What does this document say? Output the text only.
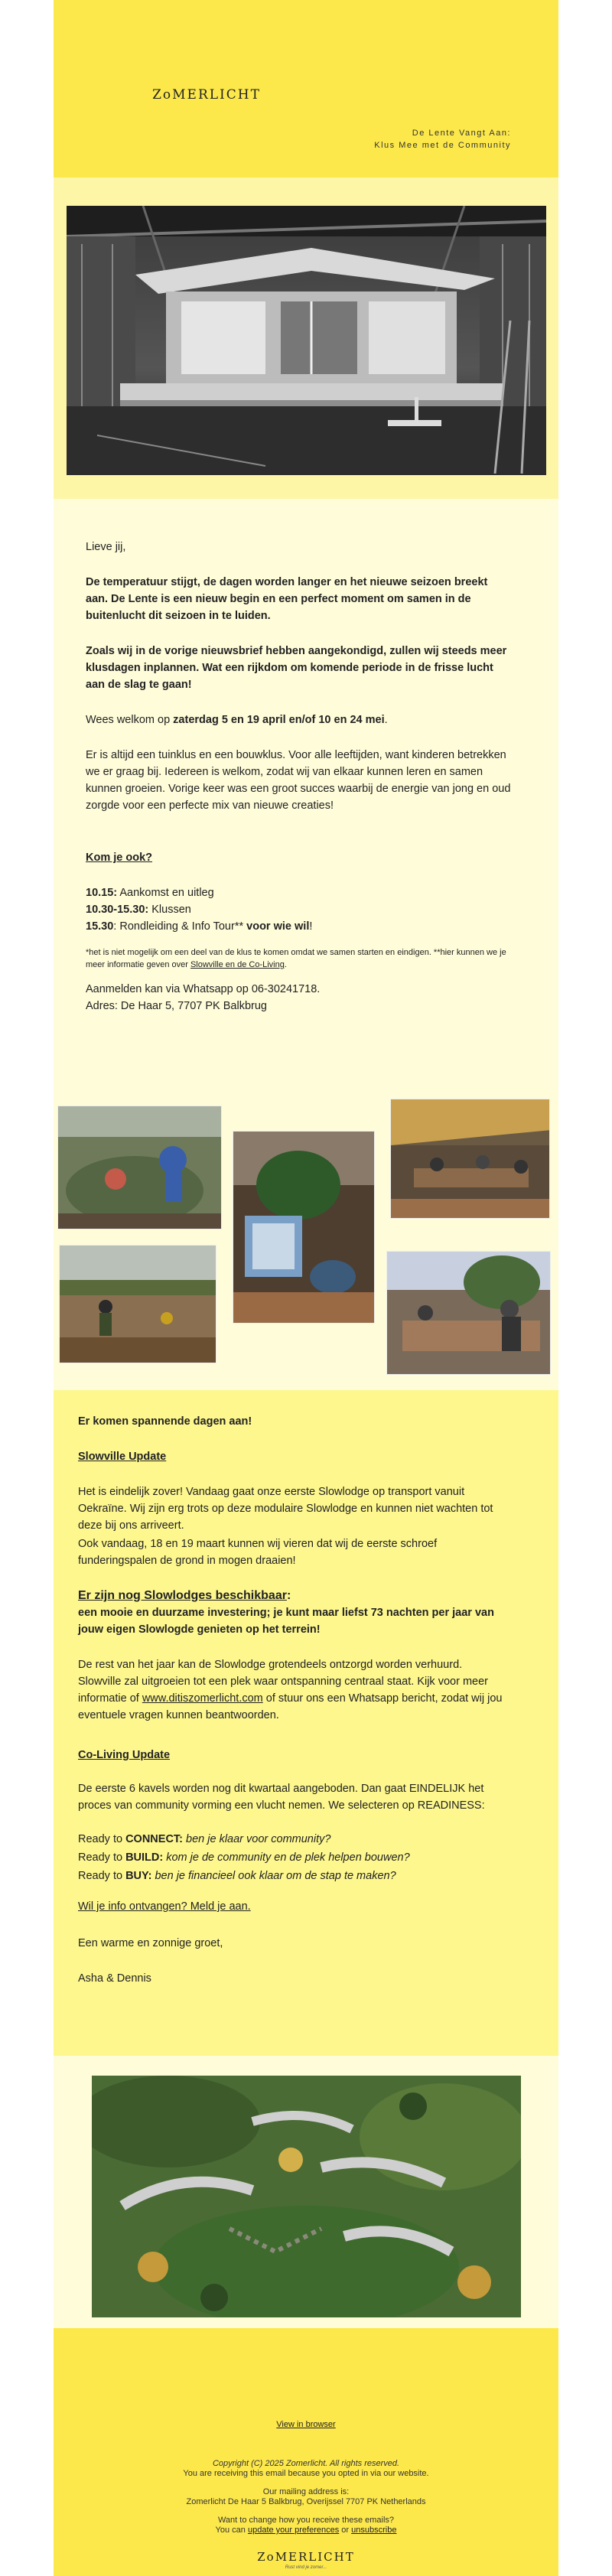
ZoMERLICHT
De Lente Vangt Aan:
Klus Mee met de Community
Lieve jij,
De temperatuur stijgt, de dagen worden langer en het nieuwe seizoen breekt aan. De Lente is een nieuw begin en een perfect moment om samen in de buitenlucht dit seizoen in te luiden.
Zoals wij in de vorige nieuwsbrief hebben aangekondigd, zullen wij steeds meer klusdagen inplannen. Wat een rijkdom om komende periode in de frisse lucht aan de slag te gaan!
Wees welkom op zaterdag 5 en 19 april en/of 10 en 24 mei.
Er is altijd een tuinklus en een bouwklus. Voor alle leeftijden, want kinderen betrekken we er graag bij. Iedereen is welkom, zodat wij van elkaar kunnen leren en samen kunnen groeien. Vorige keer was een groot succes waarbij de energie van jong en oud zorgde voor een perfecte mix van nieuwe creaties!
Kom je ook?
10.15: Aankomst en uitleg
10.30-15.30: Klussen
15.30: Rondleiding & Info Tour** voor wie wil!
*het is niet mogelijk om een deel van de klus te komen omdat we samen starten en eindigen. **hier kunnen we je meer informatie geven over Slowville en de Co-Living.
Aanmelden kan via Whatsapp op 06-30241718.
Adres: De Haar 5, 7707 PK Balkbrug
Er komen spannende dagen aan!
Slowville Update
Het is eindelijk zover! Vandaag gaat onze eerste Slowlodge op transport vanuit Oekraïne. Wij zijn erg trots op deze modulaire Slowlodge en kunnen niet wachten tot deze bij ons arriveert.
Ook vandaag, 18 en 19 maart kunnen wij vieren dat wij de eerste schroef funderingspalen de grond in mogen draaien!
Er zijn nog Slowlodges beschikbaar:
een mooie en duurzame investering; je kunt maar liefst 73 nachten per jaar van jouw eigen Slowlogde genieten op het terrein!
De rest van het jaar kan de Slowlodge grotendeels ontzorgd worden verhuurd. Slowville zal uitgroeien tot een plek waar ontspanning centraal staat. Kijk voor meer informatie of www.ditiszomerlicht.com of stuur ons een Whatsapp bericht, zodat wij jou eventuele vragen kunnen beantwoorden.
Co-Living Update
De eerste 6 kavels worden nog dit kwartaal aangeboden. Dan gaat EINDELIJK het proces van community vorming een vlucht nemen. We selecteren op READINESS:
Ready to CONNECT: ben je klaar voor community?
Ready to BUILD: kom je de community en de plek helpen bouwen?
Ready to BUY: ben je financieel ook klaar om de stap te maken?
Wil je info ontvangen? Meld je aan.
Een warme en zonnige groet,
Asha & Dennis
View in browser
Copyright (C) 2025 Zomerlicht. All rights reserved.
You are receiving this email because you opted in via our website.
Our mailing address is:
Zomerlicht De Haar 5 Balkbrug, Overijssel 7707 PK Netherlands
Want to change how you receive these emails?
You can update your preferences or unsubscribe
ZoMERLICHT
Rust vind je zomer...
